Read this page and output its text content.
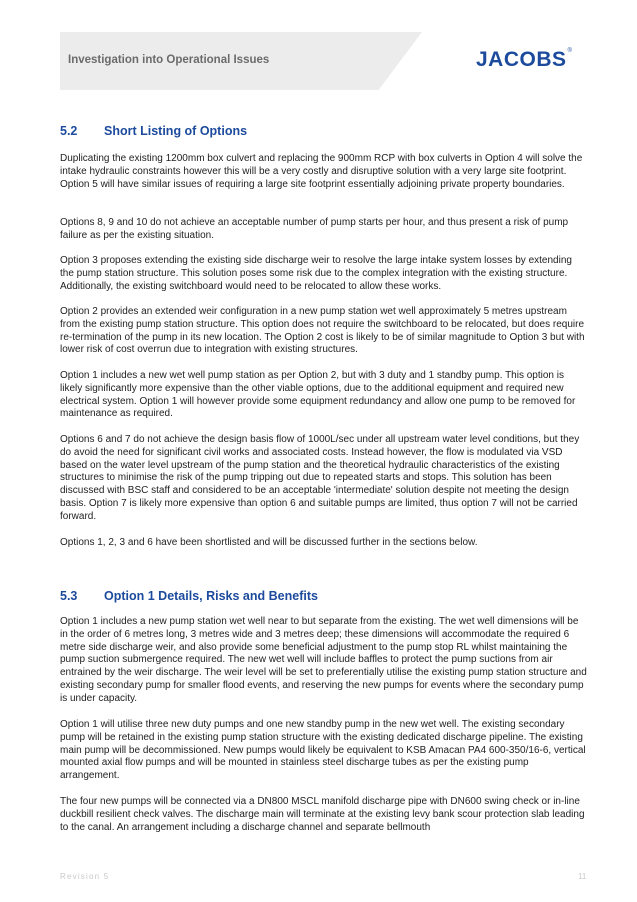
Investigation into Operational Issues	JACOBS®
5.2 Short Listing of Options

Duplicating the existing 1200mm box culvert and replacing the 900mm RCP with box culverts in Option 4 will solve the intake hydraulic constraints however this will be a very costly and disruptive solution with a very large site footprint. Option 5 will have similar issues of requiring a large site footprint essentially adjoining private property boundaries.

Options 8, 9 and 10 do not achieve an acceptable number of pump starts per hour, and thus present a risk of pump failure as per the existing situation.

Option 3 proposes extending the existing side discharge weir to resolve the large intake system losses by extending the pump station structure. This solution poses some risk due to the complex integration with the existing structure. Additionally, the existing switchboard would need to be relocated to allow these works.

Option 2 provides an extended weir configuration in a new pump station wet well approximately 5 metres upstream from the existing pump station structure. This option does not require the switchboard to be relocated, but does require re-termination of the pump in its new location. The Option 2 cost is likely to be of similar magnitude to Option 3 but with lower risk of cost overrun due to integration with existing structures.

Option 1 includes a new wet well pump station as per Option 2, but with 3 duty and 1 standby pump. This option is likely significantly more expensive than the other viable options, due to the additional equipment and required new electrical system. Option 1 will however provide some equipment redundancy and allow one pump to be removed for maintenance as required.

Options 6 and 7 do not achieve the design basis flow of 1000L/sec under all upstream water level conditions, but they do avoid the need for significant civil works and associated costs. Instead however, the flow is modulated via VSD based on the water level upstream of the pump station and the theoretical hydraulic characteristics of the existing structures to minimise the risk of the pump tripping out due to repeated starts and stops. This solution has been discussed with BSC staff and considered to be an acceptable 'intermediate' solution despite not meeting the design basis. Option 7 is likely more expensive than option 6 and suitable pumps are limited, thus option 7 will not be carried forward.

Options 1, 2, 3 and 6 have been shortlisted and will be discussed further in the sections below.

5.3 Option 1 Details, Risks and Benefits

Option 1 includes a new pump station wet well near to but separate from the existing. The wet well dimensions will be in the order of 6 metres long, 3 metres wide and 3 metres deep; these dimensions will accommodate the required 6 metre side discharge weir, and also provide some beneficial adjustment to the pump stop RL whilst maintaining the pump suction submergence required. The new wet well will include baffles to protect the pump suctions from air entrained by the weir discharge. The weir level will be set to preferentially utilise the existing pump station structure and existing secondary pump for smaller flood events, and reserving the new pumps for events where the secondary pump is under capacity.

Option 1 will utilise three new duty pumps and one new standby pump in the new wet well. The existing secondary pump will be retained in the existing pump station structure with the existing dedicated discharge pipeline. The existing main pump will be decommissioned. New pumps would likely be equivalent to KSB Amacan PA4 600-350/16-6, vertical mounted axial flow pumps and will be mounted in stainless steel discharge tubes as per the existing pump arrangement.

The four new pumps will be connected via a DN800 MSCL manifold discharge pipe with DN600 swing check or in-line duckbill resilient check valves. The discharge main will terminate at the existing levy bank scour protection slab leading to the canal. An arrangement including a discharge channel and separate bellmouth

Revision 5	11
